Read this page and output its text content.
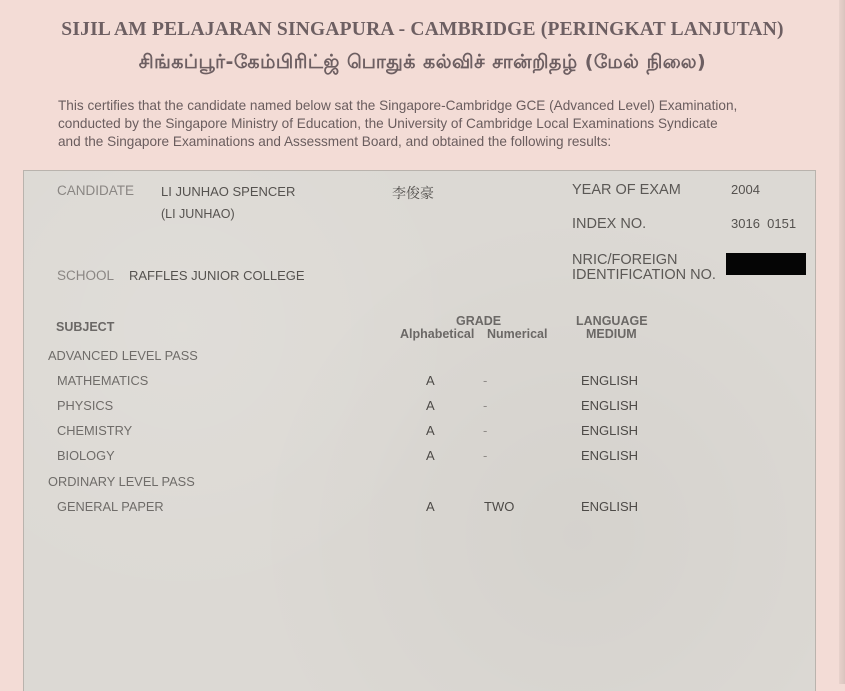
SIJIL AM PELAJARAN SINGAPURA - CAMBRIDGE (PERINGKAT LANJUTAN)
சிங்கப்பூர்-கேம்பிரிட்ஜ் பொதுக் கல்விச் சான்றிதழ் (மேல் நிலை)
This certifies that the candidate named below sat the Singapore-Cambridge GCE (Advanced Level) Examination,
conducted by the Singapore Ministry of Education, the University of Cambridge Local Examinations Syndicate
and the Singapore Examinations and Assessment Board, and obtained the following results:
CANDIDATE LI JUNHAO SPENCER
(LI JUNHAO)
李俊豪	YEAR OF EXAM	2004
INDEX NO.	3016  0151
NRIC/FOREIGN
IDENTIFICATION NO.
SCHOOL RAFFLES JUNIOR COLLEGE
SUBJECT	GRADE
Alphabetical Numerical
LANGUAGE
MEDIUM
ADVANCED LEVEL PASS
MATHEMATICS	A	-	ENGLISH
PHYSICS	A	-	ENGLISH
CHEMISTRY	A	-	ENGLISH
BIOLOGY	A	-	ENGLISH
ORDINARY LEVEL PASS
GENERAL PAPER	A	TWO	ENGLISH
